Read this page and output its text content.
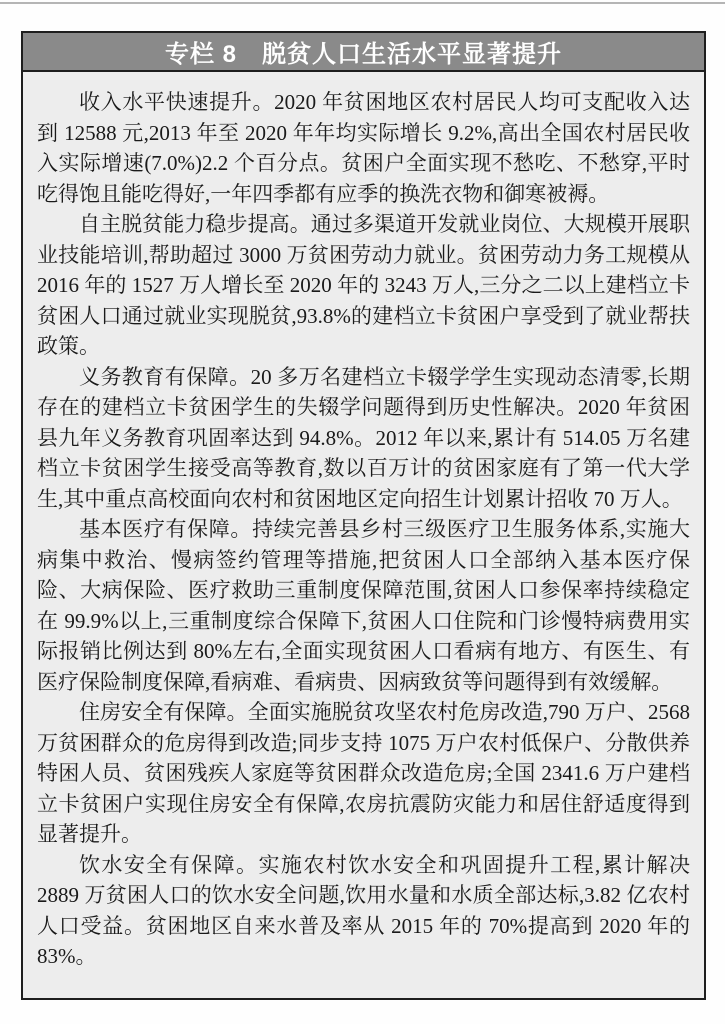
专栏 8　脱贫人口生活水平显著提升

收入水平快速提升。2020 年贫困地区农村居民人均可支配收入达到 12588 元,2013 年至 2020 年年均实际增长 9.2%,高出全国农村居民收入实际增速(7.0%)2.2 个百分点。贫困户全面实现不愁吃、不愁穿,平时吃得饱且能吃得好,一年四季都有应季的换洗衣物和御寒被褥。

自主脱贫能力稳步提高。通过多渠道开发就业岗位、大规模开展职业技能培训,帮助超过 3000 万贫困劳动力就业。贫困劳动力务工规模从 2016 年的 1527 万人增长至 2020 年的 3243 万人,三分之二以上建档立卡贫困人口通过就业实现脱贫,93.8%的建档立卡贫困户享受到了就业帮扶政策。

义务教育有保障。20 多万名建档立卡辍学学生实现动态清零,长期存在的建档立卡贫困学生的失辍学问题得到历史性解决。2020 年贫困县九年义务教育巩固率达到 94.8%。2012 年以来,累计有 514.05 万名建档立卡贫困学生接受高等教育,数以百万计的贫困家庭有了第一代大学生,其中重点高校面向农村和贫困地区定向招生计划累计招收 70 万人。

基本医疗有保障。持续完善县乡村三级医疗卫生服务体系,实施大病集中救治、慢病签约管理等措施,把贫困人口全部纳入基本医疗保险、大病保险、医疗救助三重制度保障范围,贫困人口参保率持续稳定在 99.9%以上,三重制度综合保障下,贫困人口住院和门诊慢特病费用实际报销比例达到 80%左右,全面实现贫困人口看病有地方、有医生、有医疗保险制度保障,看病难、看病贵、因病致贫等问题得到有效缓解。

住房安全有保障。全面实施脱贫攻坚农村危房改造,790 万户、2568 万贫困群众的危房得到改造;同步支持 1075 万户农村低保户、分散供养特困人员、贫困残疾人家庭等贫困群众改造危房;全国 2341.6 万户建档立卡贫困户实现住房安全有保障,农房抗震防灾能力和居住舒适度得到显著提升。

饮水安全有保障。实施农村饮水安全和巩固提升工程,累计解决 2889 万贫困人口的饮水安全问题,饮用水量和水质全部达标,3.82 亿农村人口受益。贫困地区自来水普及率从 2015 年的 70%提高到 2020 年的 83%。
